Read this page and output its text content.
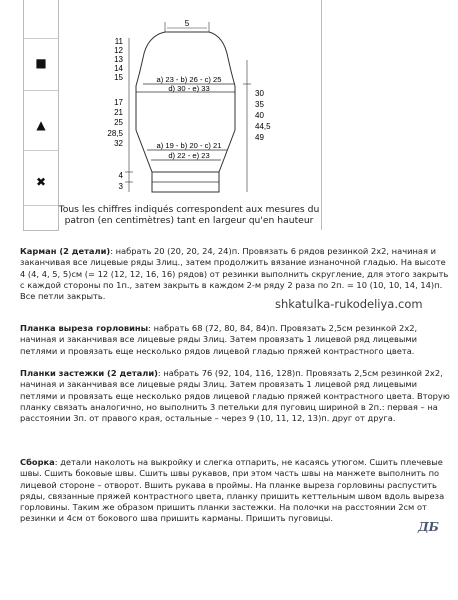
■
▲
✖
5
11
12
13
14
15
17
21
25
28,5
32
4
3
30
35
40
44,5
49
a) 23 - b) 26 - c) 25
d) 30 - e) 33
a) 19 - b) 20 - c) 21
d) 22 - e) 23
Tous les chiffres indiqués correspondent aux mesures du patron (en centimètres) tant en largeur qu'en hauteur
Карман (2 детали): набрать 20 (20, 20, 24, 24)п. Провязать 6 рядов резинкой 2х2, начиная и заканчивая все лицевые ряды 3лиц., затем продолжить вязание изнаночной гладью. На высоте 4 (4, 4, 5, 5)см (= 12 (12, 12, 16, 16) рядов) от резинки выполнить скругление, для этого закрыть с каждой стороны по 1п., затем закрыть в каждом 2-м ряду 2 раза по 2п. = 10 (10, 10, 14, 14)п. Все петли закрыть.
shkatulka-rukodeliya.com
Планка выреза горловины: набрать 68 (72, 80, 84, 84)п. Провязать 2,5см резинкой 2х2, начиная и заканчивая все лицевые ряды 3лиц. Затем провязать 1 лицевой ряд лицевыми петлями и провязать еще несколько рядов лицевой гладью пряжей контрастного цвета.
Планки застежки (2 детали): набрать 76 (92, 104, 116, 128)п. Провязать 2,5см резинкой 2х2, начиная и заканчивая все лицевые ряды 3лиц. Затем провязать 1 лицевой ряд лицевыми петлями и провязать еще несколько рядов лицевой гладью пряжей контрастного цвета. Вторую планку связать аналогично, но выполнить 3 петельки для пуговиц шириной в 2п.: первая – на расстоянии 3п. от правого края, остальные – через 9 (10, 11, 12, 13)п. друг от друга.
Сборка: детали наколоть на выкройку и слегка отпарить, не касаясь утюгом. Сшить плечевые швы. Сшить боковые швы. Сшить швы рукавов, при этом часть швы на манжете выполнить по лицевой стороне – отворот. Вшить рукава в проймы. На планке выреза горловины распустить ряды, связанные пряжей контрастного цвета, планку пришить кеттельным швом вдоль выреза горловины. Таким же образом пришить планки застежки. На полочки на расстоянии 2см от резинки и 4см от бокового шва пришить карманы. Пришить пуговицы.
ДБ
